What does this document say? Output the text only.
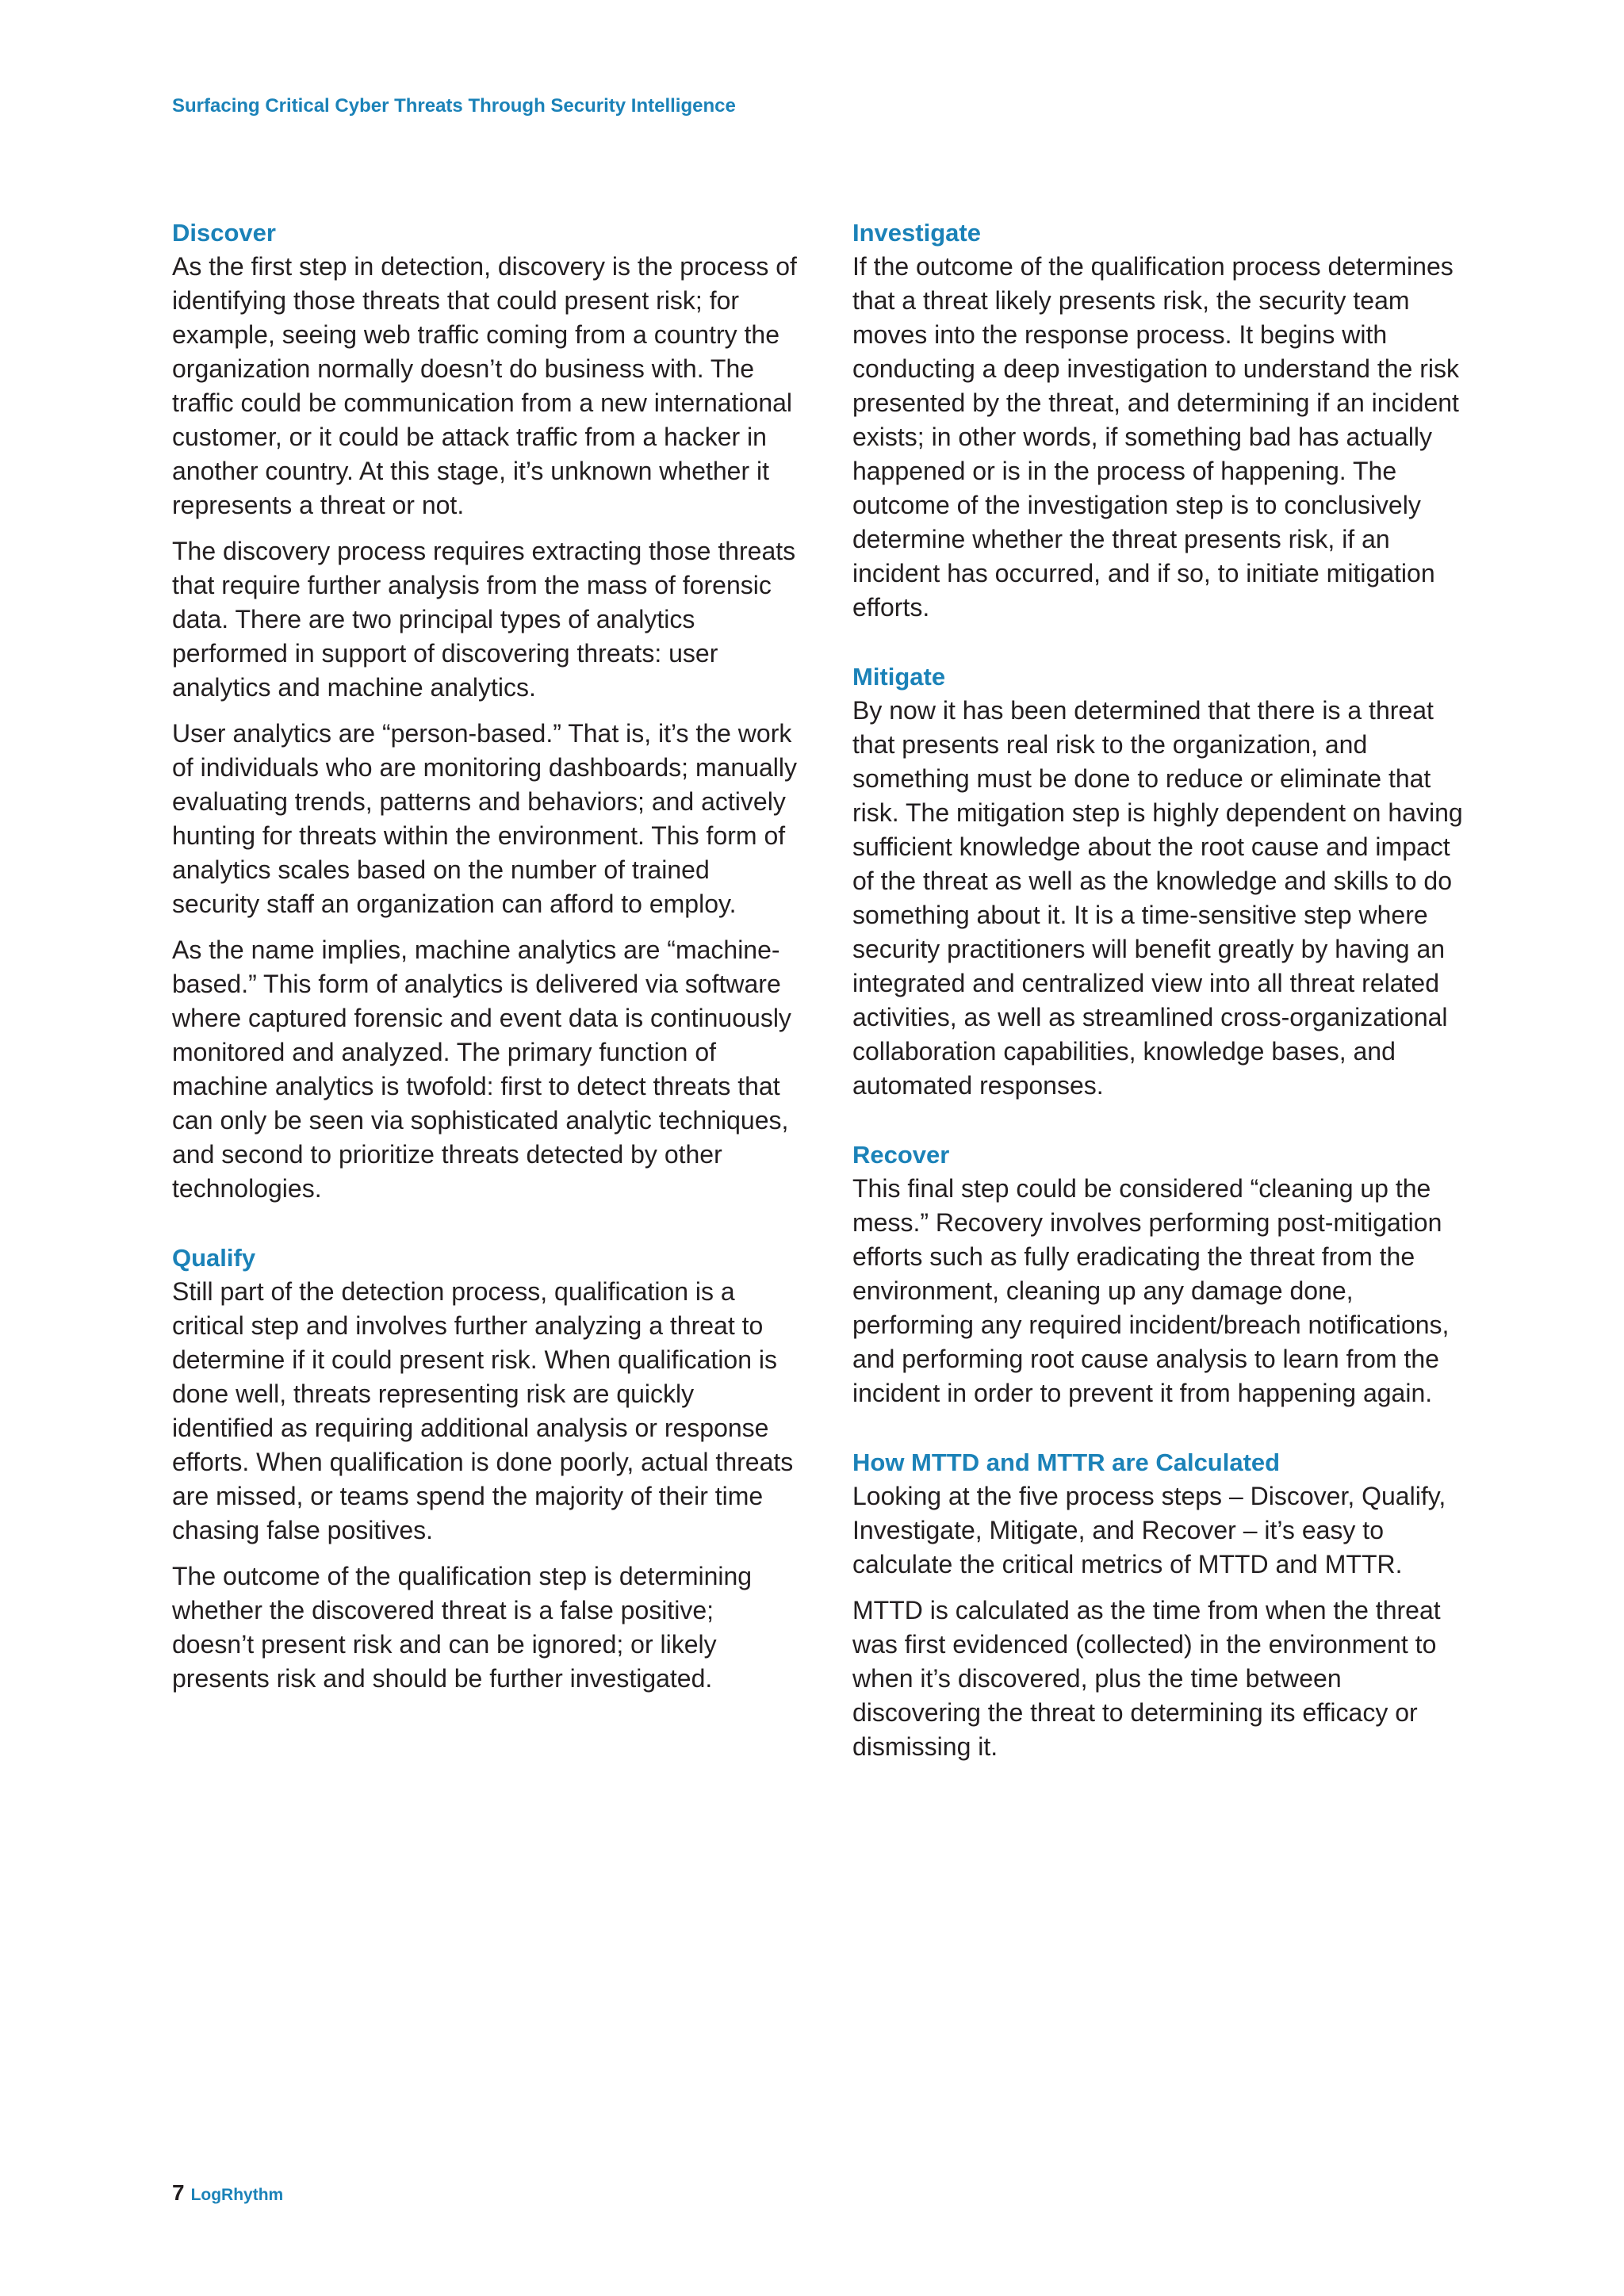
Surfacing Critical Cyber Threats Through Security Intelligence
Discover

As the first step in detection, discovery is the process of identifying those threats that could present risk; for example, seeing web traffic coming from a country the organization normally doesn’t do business with. The traffic could be communication from a new international customer, or it could be attack traffic from a hacker in another country. At this stage, it’s unknown whether it represents a threat or not.

The discovery process requires extracting those threats that require further analysis from the mass of forensic data. There are two principal types of analytics performed in support of discovering threats: user analytics and machine analytics.

User analytics are “person-based.” That is, it’s the work of individuals who are monitoring dashboards; manually evaluating trends, patterns and behaviors; and actively hunting for threats within the environment. This form of analytics scales based on the number of trained security staff an organization can afford to employ.

As the name implies, machine analytics are “machine-based.” This form of analytics is delivered via software where captured forensic and event data is continuously monitored and analyzed. The primary function of machine analytics is twofold: first to detect threats that can only be seen via sophisticated analytic techniques, and second to prioritize threats detected by other technologies.

Qualify

Still part of the detection process, qualification is a critical step and involves further analyzing a threat to determine if it could present risk. When qualification is done well, threats representing risk are quickly identified as requiring additional analysis or response efforts. When qualification is done poorly, actual threats are missed, or teams spend the majority of their time chasing false positives.

The outcome of the qualification step is determining whether the discovered threat is a false positive; doesn’t present risk and can be ignored; or likely presents risk and should be further investigated.

Investigate

If the outcome of the qualification process determines that a threat likely presents risk, the security team moves into the response process. It begins with conducting a deep investigation to understand the risk presented by the threat, and determining if an incident exists; in other words, if something bad has actually happened or is in the process of happening. The outcome of the investigation step is to conclusively determine whether the threat presents risk, if an incident has occurred, and if so, to initiate mitigation efforts.

Mitigate

By now it has been determined that there is a threat that presents real risk to the organization, and something must be done to reduce or eliminate that risk. The mitigation step is highly dependent on having sufficient knowledge about the root cause and impact of the threat as well as the knowledge and skills to do something about it. It is a time-sensitive step where security practitioners will benefit greatly by having an integrated and centralized view into all threat related activities, as well as streamlined cross-organizational collaboration capabilities, knowledge bases, and automated responses.

Recover

This final step could be considered “cleaning up the mess.” Recovery involves performing post-mitigation efforts such as fully eradicating the threat from the environment, cleaning up any damage done, performing any required incident/breach notifications, and performing root cause analysis to learn from the incident in order to prevent it from happening again.

How MTTD and MTTR are Calculated

Looking at the five process steps – Discover, Qualify, Investigate, Mitigate, and Recover – it’s easy to calculate the critical metrics of MTTD and MTTR.

MTTD is calculated as the time from when the threat was first evidenced (collected) in the environment to when it’s discovered, plus the time between discovering the threat to determining its efficacy or dismissing it.

7 LogRhythm
